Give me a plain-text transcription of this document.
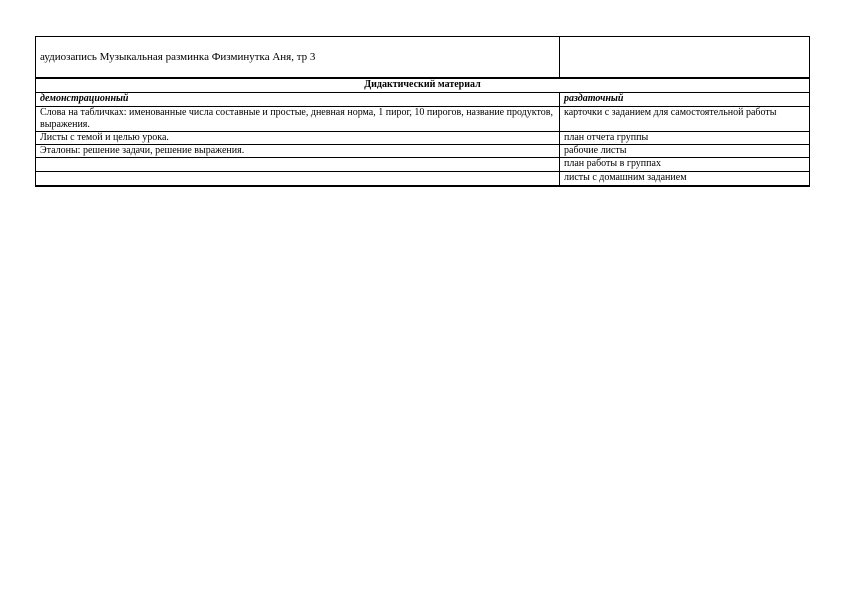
аудиозапись Музыкальная разминка Физминутка Аня, тр 3	
Дидактический материал	
демонстрационный	раздаточный
Слова на табличках: именованные числа составные и простые, дневная норма, 1 пирог, 10 пирогов, название продуктов, выражения.	карточки с заданием для самостоятельной работы
Листы с темой и целью урока.	план отчета группы
Эталоны: решение задачи, решение выражения.	рабочие листы
	план работы в группах
	листы с домашним заданием
